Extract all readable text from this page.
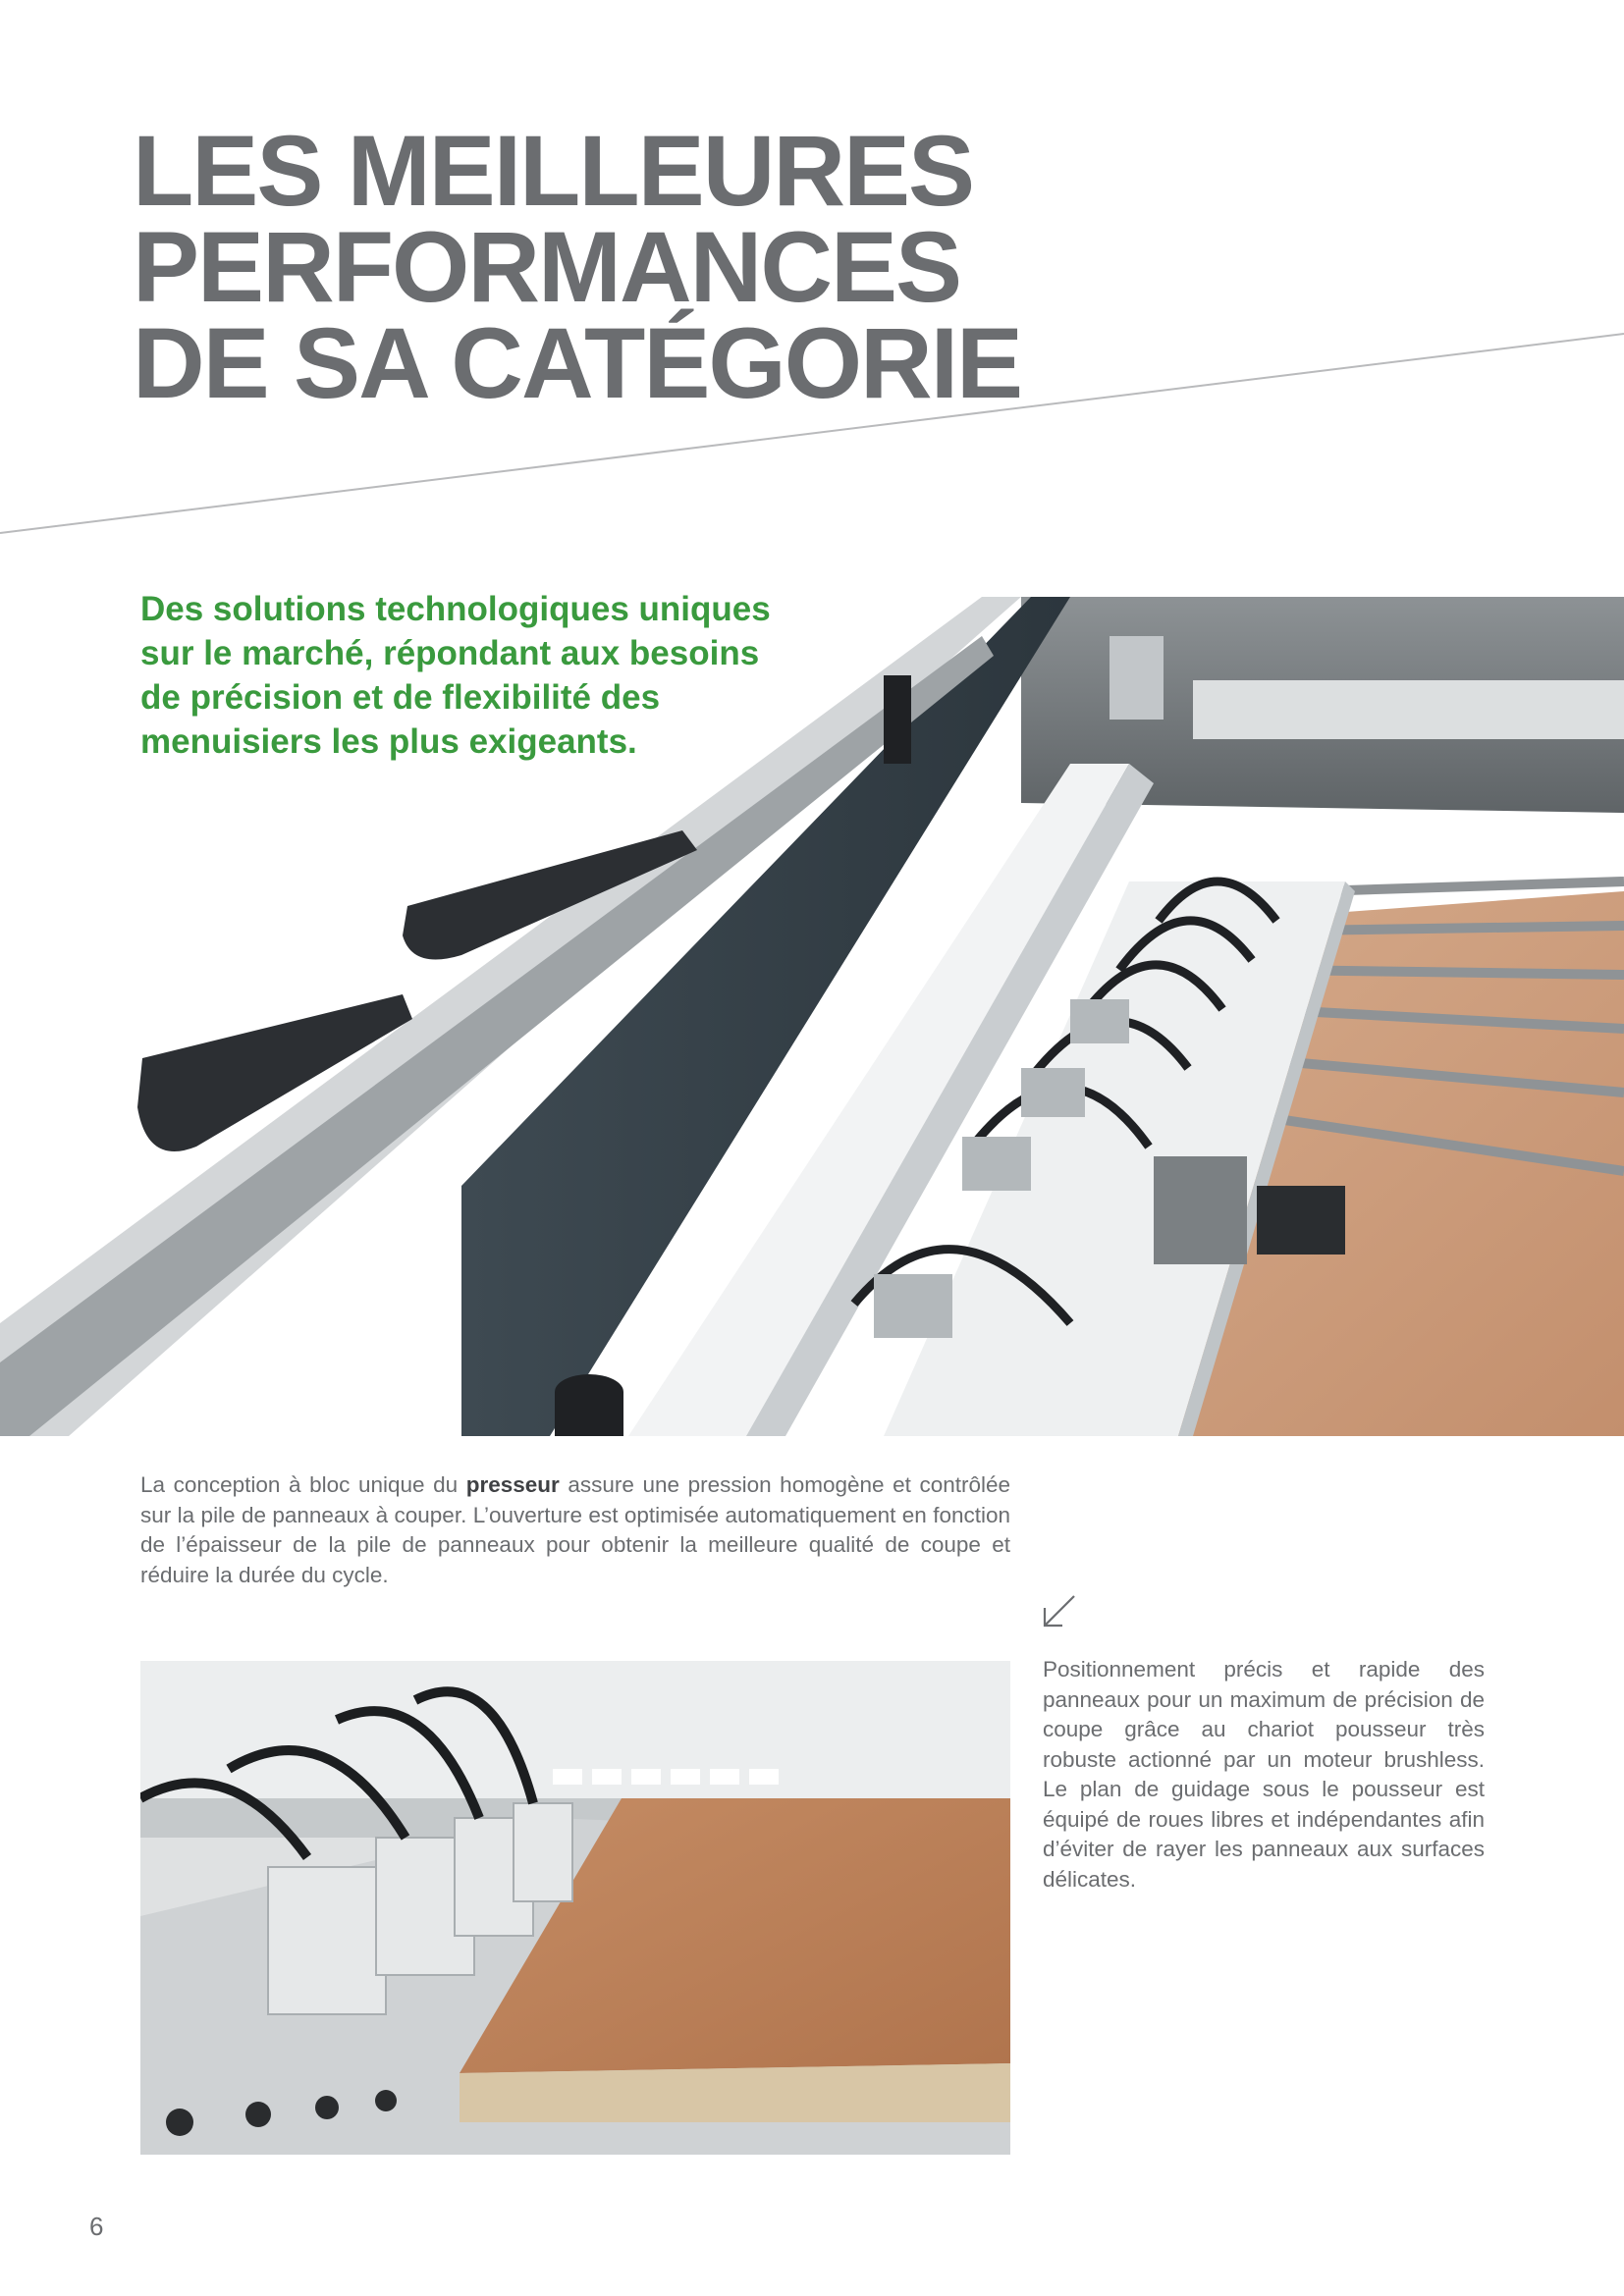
LES MEILLEURES
PERFORMANCES
DE SA CATÉGORIE
Des solutions technologiques uniques
sur le marché, répondant aux besoins
de précision et de flexibilité des
menuisiers les plus exigeants.

La conception à bloc unique du presseur assure une pression homogène et contrôlée sur la pile de panneaux à couper. L’ouverture est optimisée automatiquement en fonction de l’épaisseur de la pile de panneaux pour obtenir la meilleure qualité de coupe et réduire la durée du cycle.

Positionnement précis et rapide des panneaux pour un maximum de précision de coupe grâce au chariot pousseur très robuste actionné par un moteur brushless. Le plan de guidage sous le pousseur est équipé de roues libres et indépendantes afin d’éviter de rayer les panneaux aux surfaces délicates.

6
